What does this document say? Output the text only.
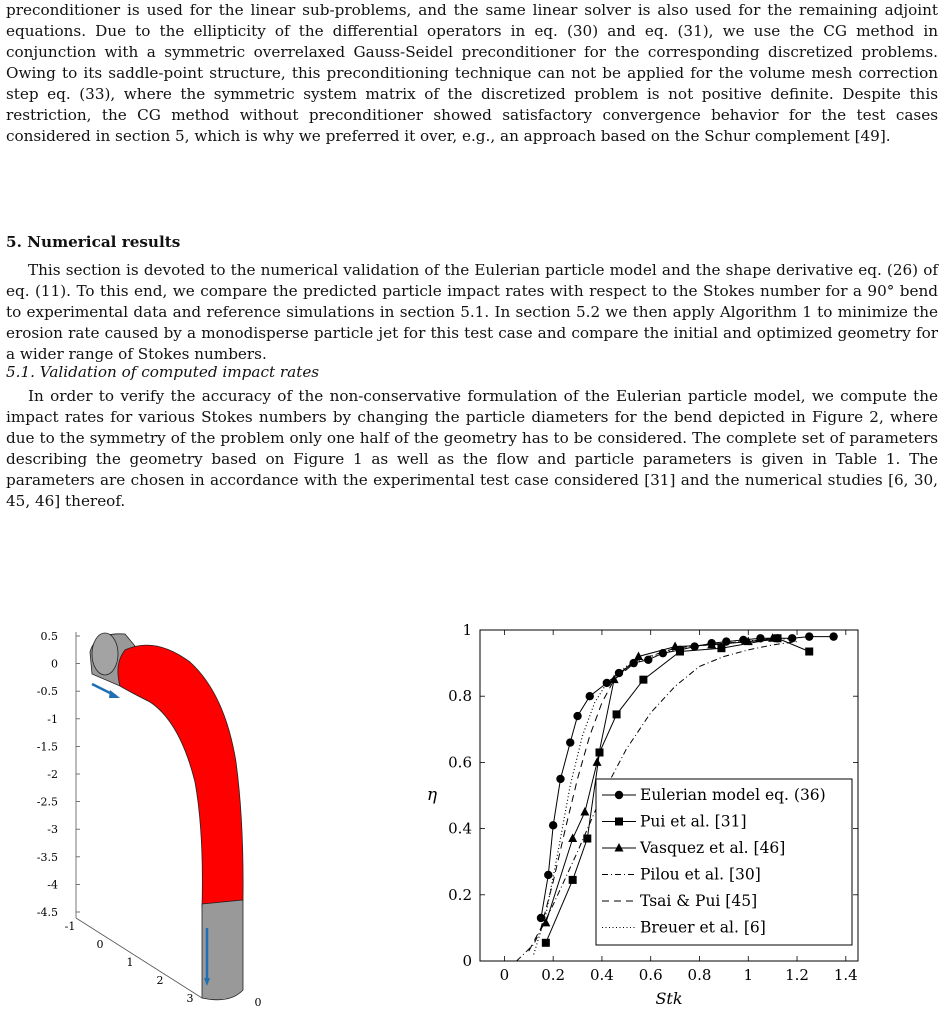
preconditioner is used for the linear sub-problems, and the same linear solver is also used for the remaining adjoint equations. Due to the ellipticity of the differential operators in eq. (30) and eq. (31), we use the CG method in conjunction with a symmetric overrelaxed Gauss-Seidel preconditioner for the corresponding discretized problems. Owing to its saddle-point structure, this preconditioning technique can not be applied for the volume mesh correction step eq. (33), where the symmetric system matrix of the discretized problem is not positive definite. Despite this restriction, the CG method without preconditioner showed satisfactory convergence behavior for the test cases considered in section 5, which is why we preferred it over, e.g., an approach based on the Schur complement [49].

5. Numerical results

This section is devoted to the numerical validation of the Eulerian particle model and the shape derivative eq. (26) of eq. (11). To this end, we compare the predicted particle impact rates with respect to the Stokes number for a 90° bend to experimental data and reference simulations in section 5.1. In section 5.2 we then apply Algorithm 1 to minimize the erosion rate caused by a monodisperse particle jet for this test case and compare the initial and optimized geometry for a wider range of Stokes numbers.

5.1. Validation of computed impact rates

In order to verify the accuracy of the non-conservative formulation of the Eulerian particle model, we compute the impact rates for various Stokes numbers by changing the particle diameters for the bend depicted in Figure 2, where due to the symmetry of the problem only one half of the geometry has to be considered. The complete set of parameters describing the geometry based on Figure 1 as well as the flow and particle parameters is given in Table 1. The parameters are chosen in accordance with the experimental test case considered [31] and the numerical studies [6, 30, 45, 46] thereof.

0.5
0
-0.5
-1
-1.5
-2
-2.5
-3
-3.5
-4
-4.5
-1
0
1
2
3	0
0 0.2 0.4 0.6 0.8 1 1.2 1.4
0
0.2
0.4
0.6
0.8
1
Stk
η	Eulerian model eq. (36)
Pui et al. [31]
Vasquez et al. [46]
Pilou et al. [30]
Tsai & Pui [45]
Breuer et al. [6]
